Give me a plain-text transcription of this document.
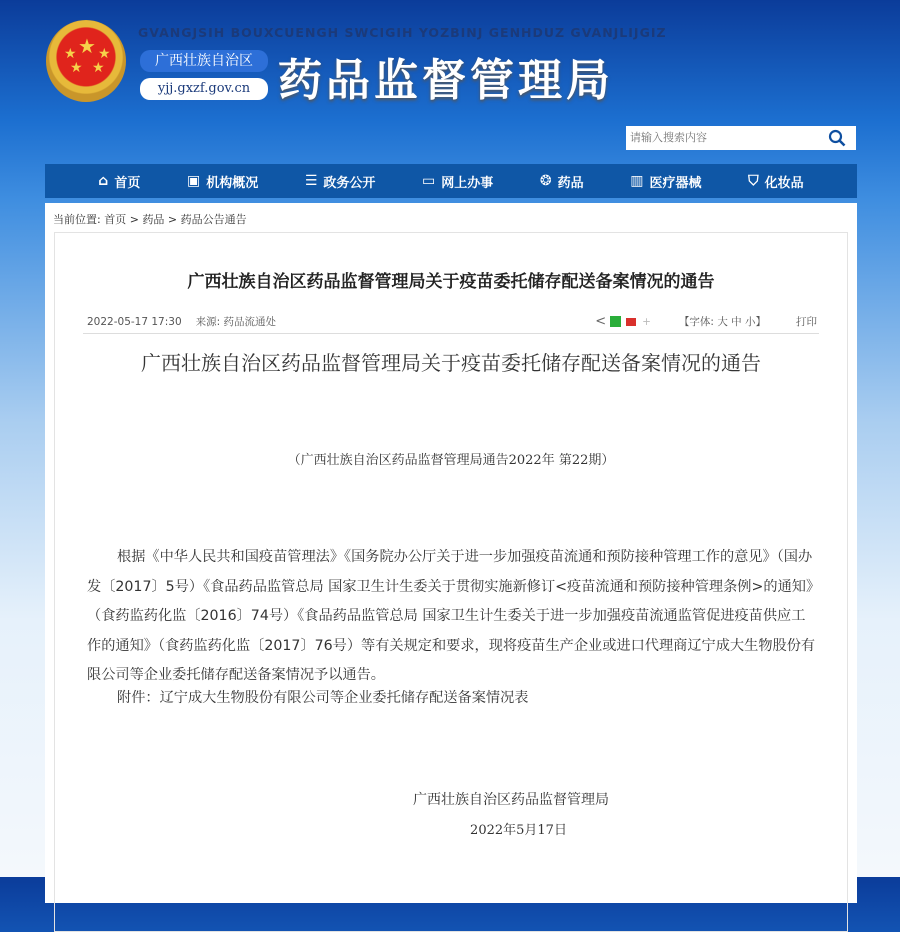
★
★ ★
★ ★
GVANGJSIH BOUXCUENGH SWCIGIH YOZBINJ GENHDUZ GVANJLIJGIZ
广西壮族自治区
yjj.gxzf.gov.cn 药品监督管理局
请输入搜索内容
⌂ 首页	▣ 机构概况	☰ 政务公开	▭ 网上办事	❂ 药品	▥ 医疗器械	⛉ 化妆品
当前位置: 首页 > 药品 > 药品公告通告
广西壮族自治区药品监督管理局关于疫苗委托储存配送备案情况的通告
2022-05-17 17:30 来源: 药品流通处	<	+	【字体: 大 中 小】	打印
广西壮族自治区药品监督管理局关于疫苗委托储存配送备案情况的通告
（广西壮族自治区药品监督管理局通告2022年 第22期）
根据《中华人民共和国疫苗管理法》《国务院办公厅关于进一步加强疫苗流通和预防接种管理工作的意见》（国办发〔2017〕5号）《食品药品监管总局 国家卫生计生委关于贯彻实施新修订<疫苗流通和预防接种管理条例>的通知》（食药监药化监〔2016〕74号）《食品药品监管总局 国家卫生计生委关于进一步加强疫苗流通监管促进疫苗供应工作的通知》（食药监药化监〔2017〕76号）等有关规定和要求，现将疫苗生产企业或进口代理商辽宁成大生物股份有限公司等企业委托储存配送备案情况予以通告。
附件：辽宁成大生物股份有限公司等企业委托储存配送备案情况表
广西壮族自治区药品监督管理局
2022年5月17日
